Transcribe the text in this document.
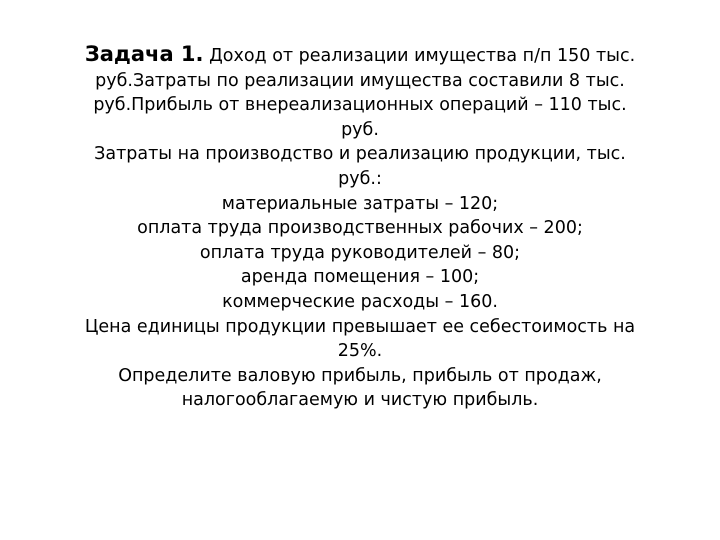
Задача 1. Доход от реализации имущества п/п 150 тыс.
руб.Затраты по реализации имущества составили 8 тыс.
руб.Прибыль от внереализационных операций – 110 тыс.
руб.
Затраты на производство и реализацию продукции, тыс.
руб.:
материальные затраты – 120;
оплата труда производственных рабочих – 200;
оплата труда руководителей – 80;
аренда помещения – 100;
коммерческие расходы – 160.
Цена единицы продукции превышает ее себестоимость на
25%.
Определите валовую прибыль, прибыль от продаж,
налогооблагаемую и чистую прибыль.
